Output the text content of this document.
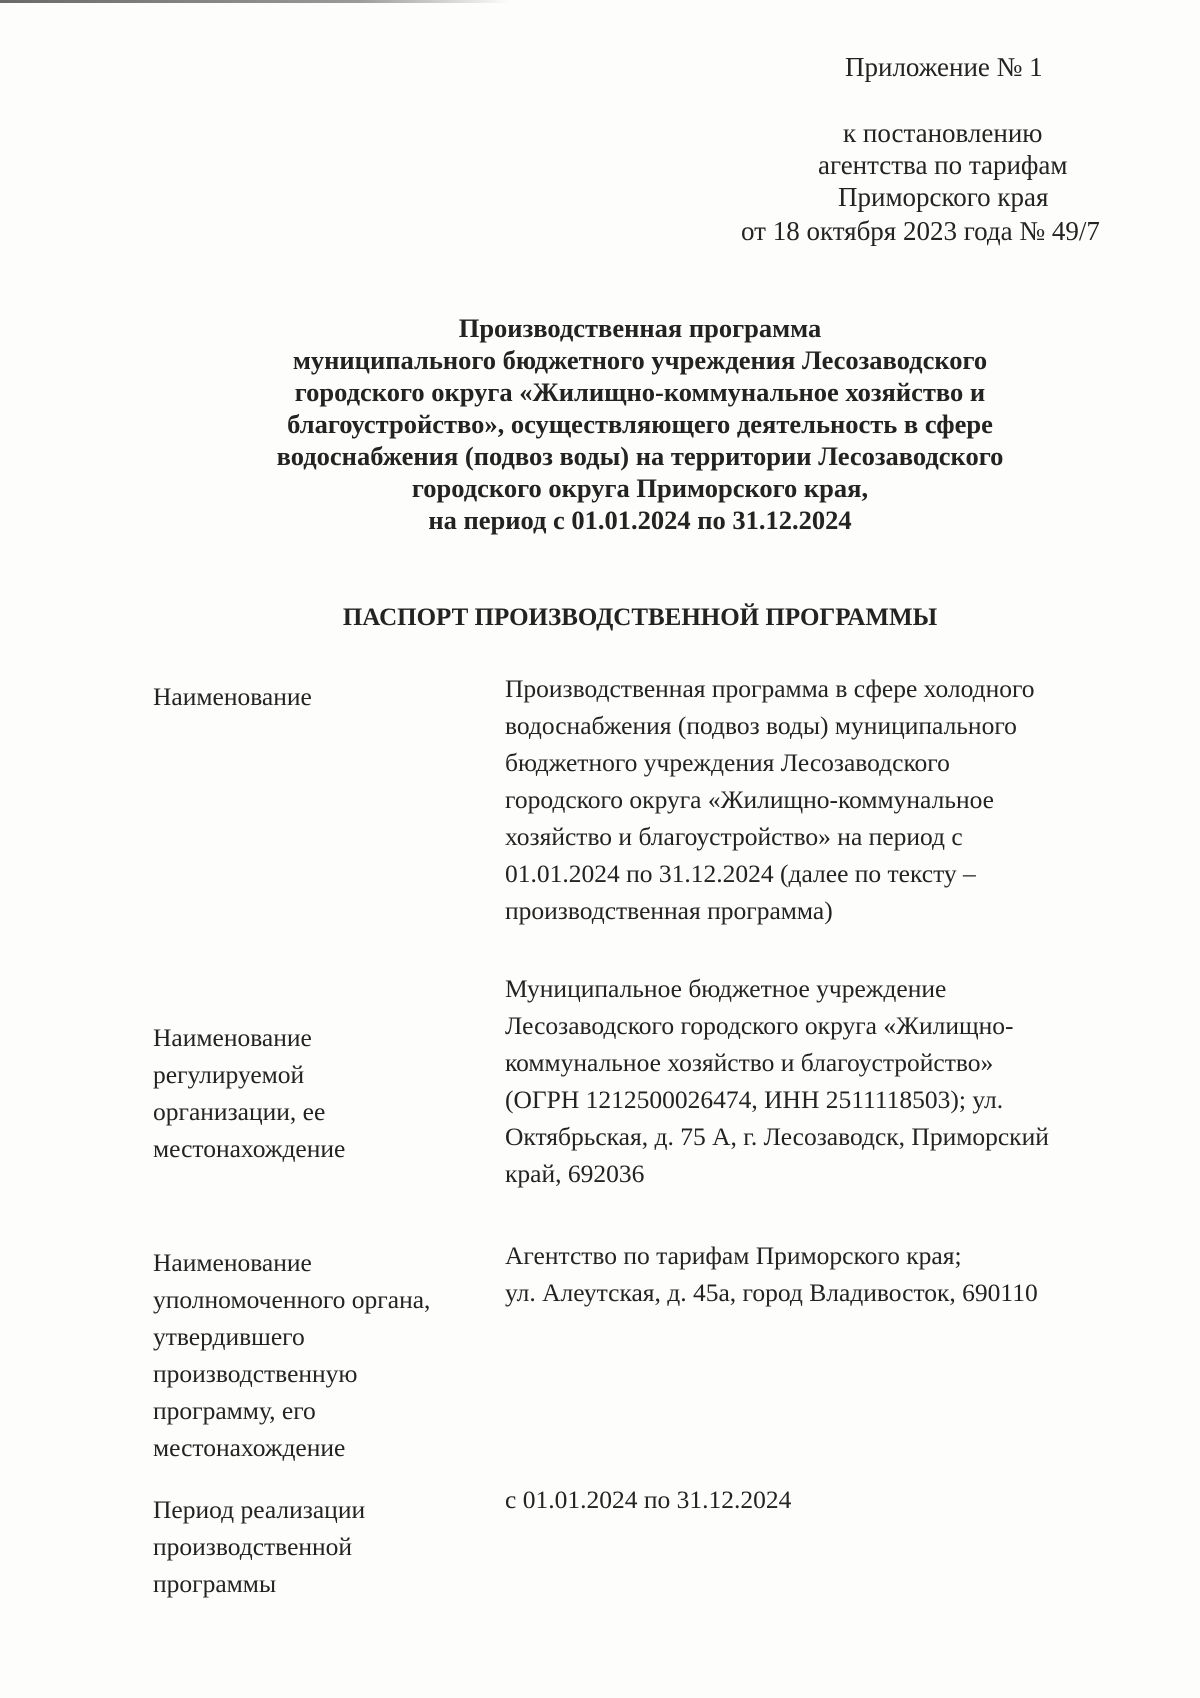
Приложение № 1
к постановлению
агентства по тарифам
Приморского края
от 18 октября 2023 года № 49/7
Производственная программа
муниципального бюджетного учреждения Лесозаводского
городского округа «Жилищно-коммунальное хозяйство и
благоустройство», осуществляющего деятельность в сфере
водоснабжения (подвоз воды) на территории Лесозаводского
городского округа Приморского края,
на период с 01.01.2024 по 31.12.2024
ПАСПОРТ ПРОИЗВОДСТВЕННОЙ ПРОГРАММЫ
Наименование	Производственная программа в сфере холодного
водоснабжения (подвоз воды) муниципального
бюджетного учреждения Лесозаводского
городского округа «Жилищно-коммунальное
хозяйство и благоустройство» на период с
01.01.2024 по 31.12.2024 (далее по тексту –
производственная программа)
Наименование
регулируемой
организации, ее
местонахождение
Муниципальное бюджетное учреждение
Лесозаводского городского округа «Жилищно-
коммунальное хозяйство и благоустройство»
(ОГРН 1212500026474, ИНН 2511118503); ул.
Октябрьская, д. 75 А, г. Лесозаводск, Приморский
край, 692036
Наименование
уполномоченного органа,
утвердившего
производственную
программу, его
местонахождение
Агентство по тарифам Приморского края;
ул. Алеутская, д. 45а, город Владивосток, 690110
Период реализации
производственной
программы
с 01.01.2024 по 31.12.2024
